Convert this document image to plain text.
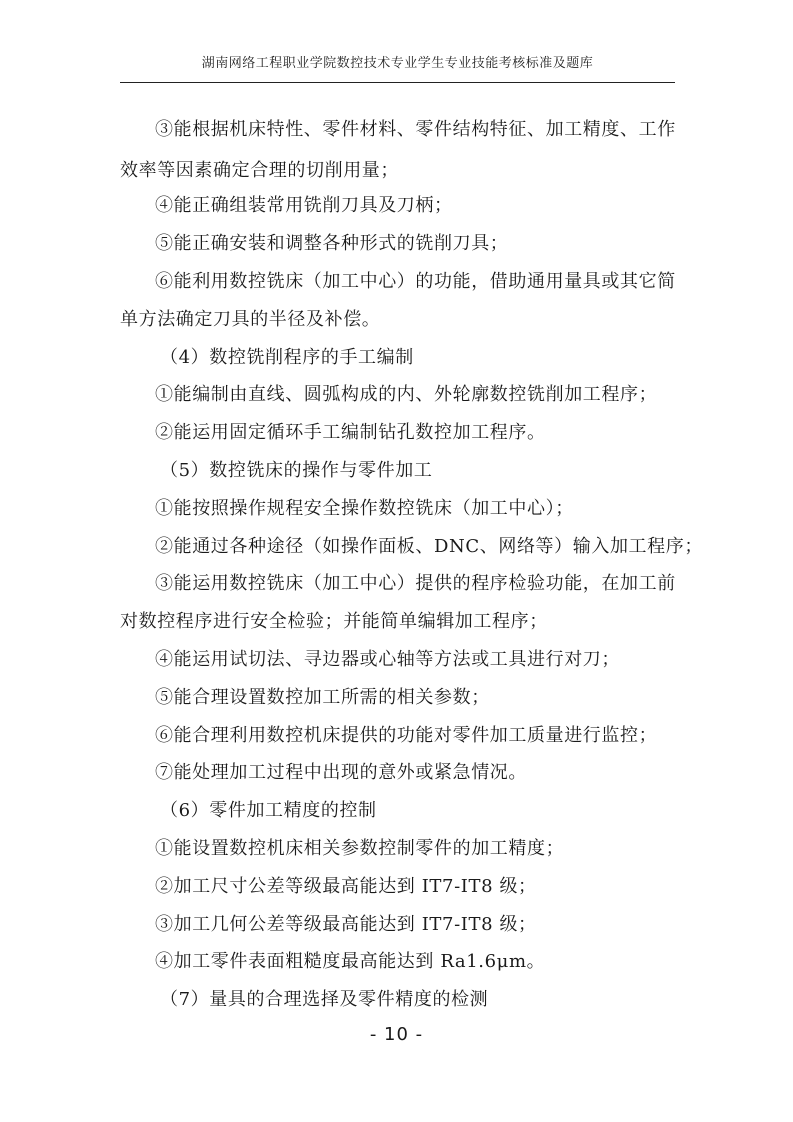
湖南网络工程职业学院数控技术专业学生专业技能考核标准及题库
③能根据机床特性、零件材料、零件结构特征、加工精度、工作
效率等因素确定合理的切削用量；
④能正确组装常用铣削刀具及刀柄；
⑤能正确安装和调整各种形式的铣削刀具；
⑥能利用数控铣床（加工中心）的功能，借助通用量具或其它简
单方法确定刀具的半径及补偿。
（4）数控铣削程序的手工编制
①能编制由直线、圆弧构成的内、外轮廓数控铣削加工程序；
②能运用固定循环手工编制钻孔数控加工程序。
（5）数控铣床的操作与零件加工
①能按照操作规程安全操作数控铣床（加工中心）；
②能通过各种途径（如操作面板、DNC、网络等）输入加工程序；
③能运用数控铣床（加工中心）提供的程序检验功能，在加工前
对数控程序进行安全检验；并能简单编辑加工程序；
④能运用试切法、寻边器或心轴等方法或工具进行对刀；
⑤能合理设置数控加工所需的相关参数；
⑥能合理利用数控机床提供的功能对零件加工质量进行监控；
⑦能处理加工过程中出现的意外或紧急情况。
（6）零件加工精度的控制
①能设置数控机床相关参数控制零件的加工精度；
②加工尺寸公差等级最高能达到 IT7-IT8 级；
③加工几何公差等级最高能达到 IT7-IT8 级；
④加工零件表面粗糙度最高能达到 Ra1.6μm。
（7）量具的合理选择及零件精度的检测
- 10 -
